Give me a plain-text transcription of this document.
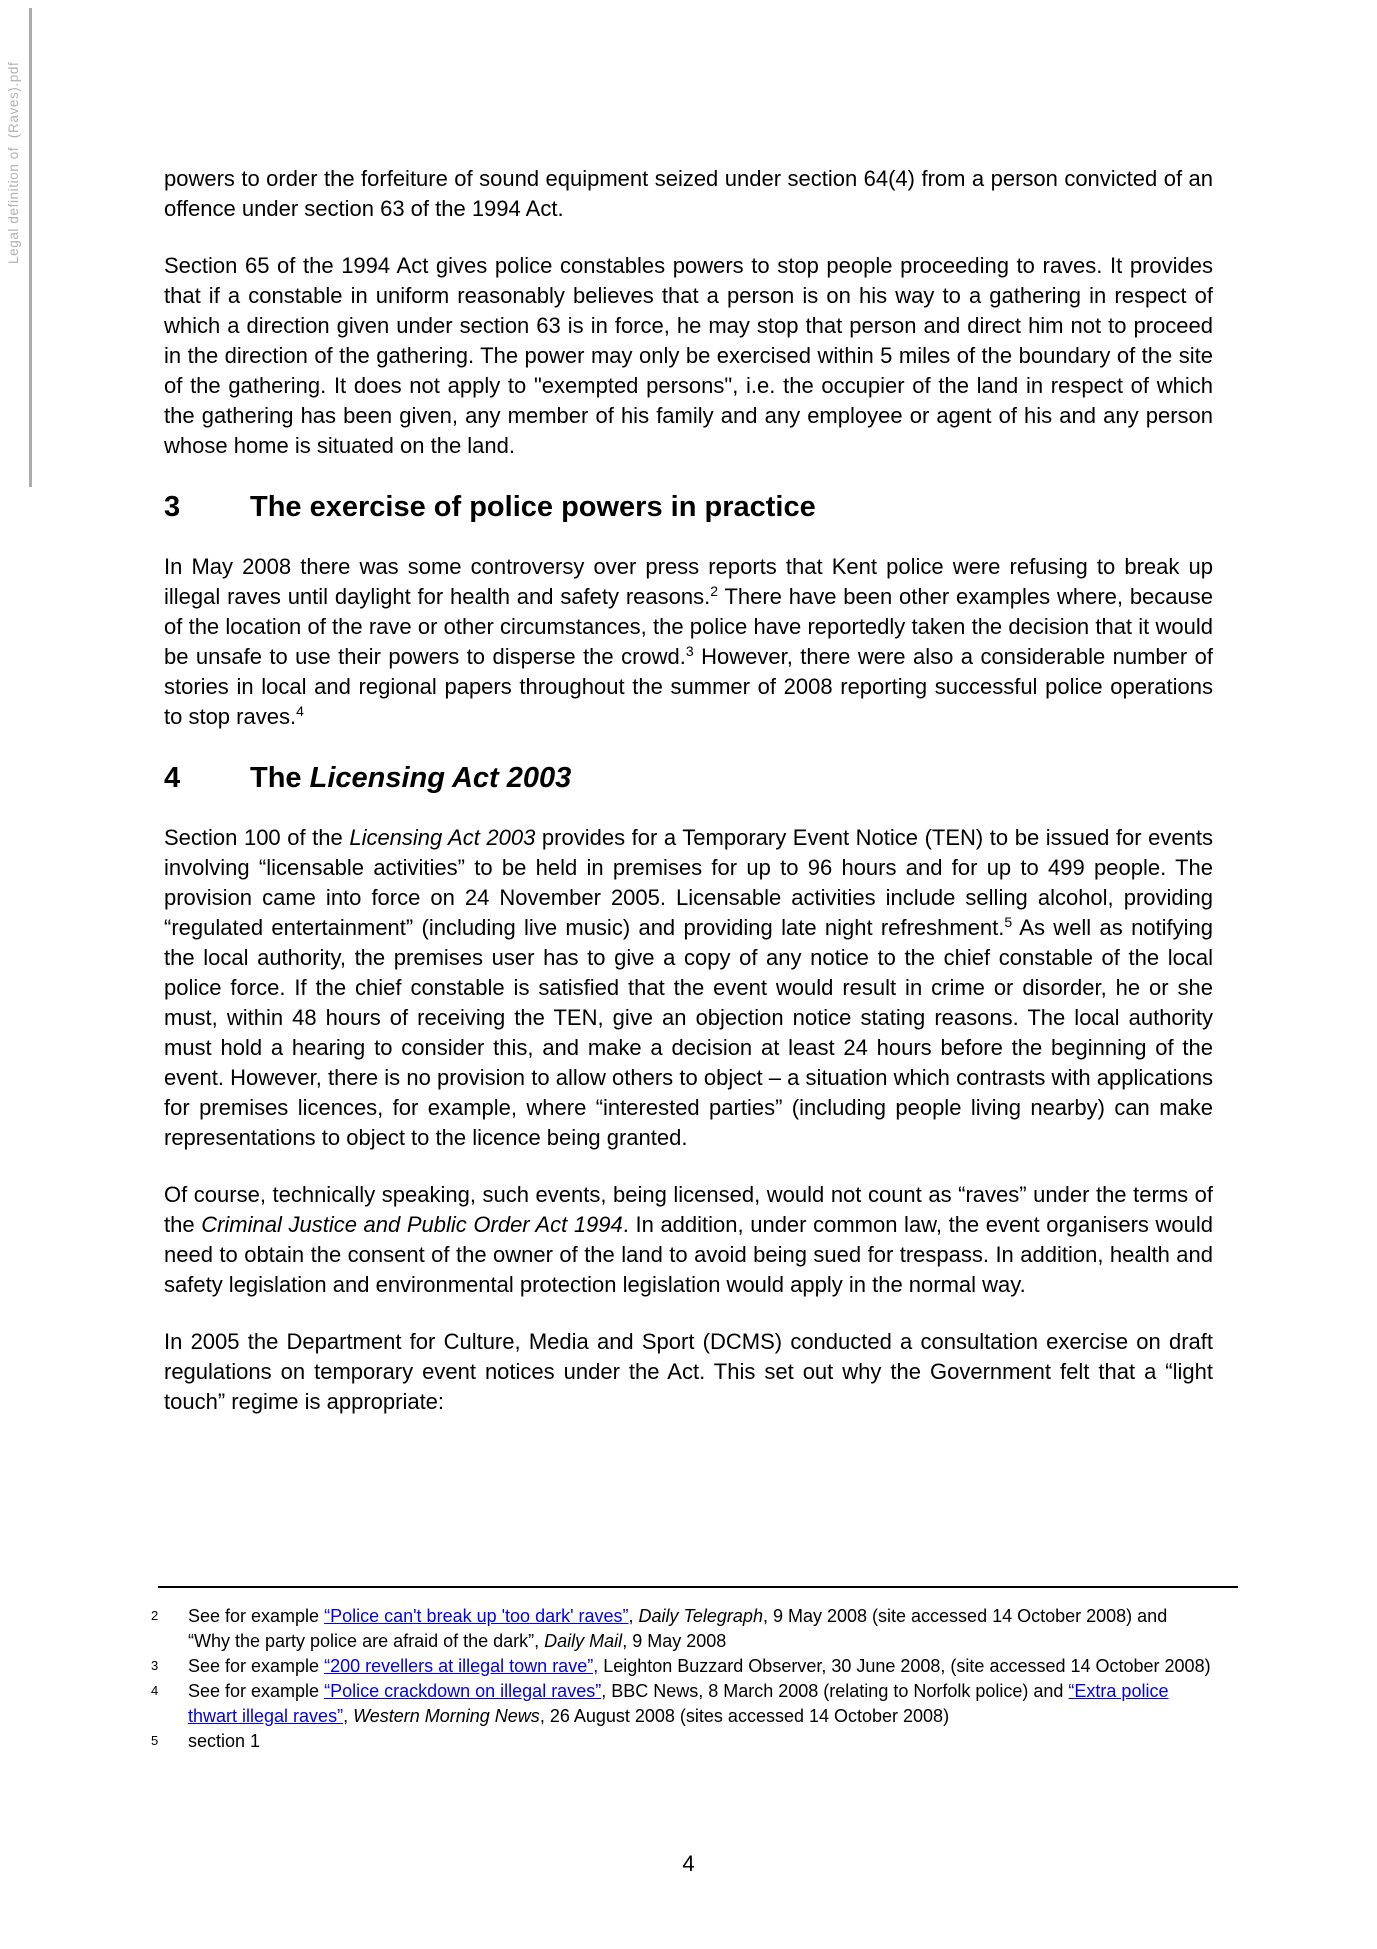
Legal definition of  (Raves).pdf	powers to order the forfeiture of sound equipment seized under section 64(4) from a person convicted of an offence under section 63 of the 1994 Act.

Section 65 of the 1994 Act gives police constables powers to stop people proceeding to raves. It provides that if a constable in uniform reasonably believes that a person is on his way to a gathering in respect of which a direction given under section 63 is in force, he may stop that person and direct him not to proceed in the direction of the gathering. The power may only be exercised within 5 miles of the boundary of the site of the gathering. It does not apply to "exempted persons", i.e. the occupier of the land in respect of which the gathering has been given, any member of his family and any employee or agent of his and any person whose home is situated on the land.

3 The exercise of police powers in practice

In May 2008 there was some controversy over press reports that Kent police were refusing to break up illegal raves until daylight for health and safety reasons.$^2$ There have been other examples where, because of the location of the rave or other circumstances, the police have reportedly taken the decision that it would be unsafe to use their powers to disperse the crowd.$^3$ However, there were also a considerable number of stories in local and regional papers throughout the summer of 2008 reporting successful police operations to stop raves.$^4$

4 The Licensing Act 2003

Section 100 of the Licensing Act 2003 provides for a Temporary Event Notice (TEN) to be issued for events involving “licensable activities” to be held in premises for up to 96 hours and for up to 499 people. The provision came into force on 24 November 2005. Licensable activities include selling alcohol, providing “regulated entertainment” (including live music) and providing late night refreshment.$^5$ As well as notifying the local authority, the premises user has to give a copy of any notice to the chief constable of the local police force. If the chief constable is satisfied that the event would result in crime or disorder, he or she must, within 48 hours of receiving the TEN, give an objection notice stating reasons. The local authority must hold a hearing to consider this, and make a decision at least 24 hours before the beginning of the event. However, there is no provision to allow others to object – a situation which contrasts with applications for premises licences, for example, where “interested parties” (including people living nearby) can make representations to object to the licence being granted.

Of course, technically speaking, such events, being licensed, would not count as “raves” under the terms of the Criminal Justice and Public Order Act 1994. In addition, under common law, the event organisers would need to obtain the consent of the owner of the land to avoid being sued for trespass. In addition, health and safety legislation and environmental protection legislation would apply in the normal way.

In 2005 the Department for Culture, Media and Sport (DCMS) conducted a consultation exercise on draft regulations on temporary event notices under the Act. This set out why the Government felt that a “light touch” regime is appropriate:

2 See for example “Police can't break up 'too dark' raves”, Daily Telegraph, 9 May 2008 (site accessed 14 October 2008) and “Why the party police are afraid of the dark”, Daily Mail, 9 May 2008

3 See for example “200 revellers at illegal town rave”, Leighton Buzzard Observer, 30 June 2008, (site accessed 14 October 2008)

4 See for example “Police crackdown on illegal raves”, BBC News, 8 March 2008 (relating to Norfolk police) and “Extra police thwart illegal raves”, Western Morning News, 26 August 2008 (sites accessed 14 October 2008)

5 section 1

4
